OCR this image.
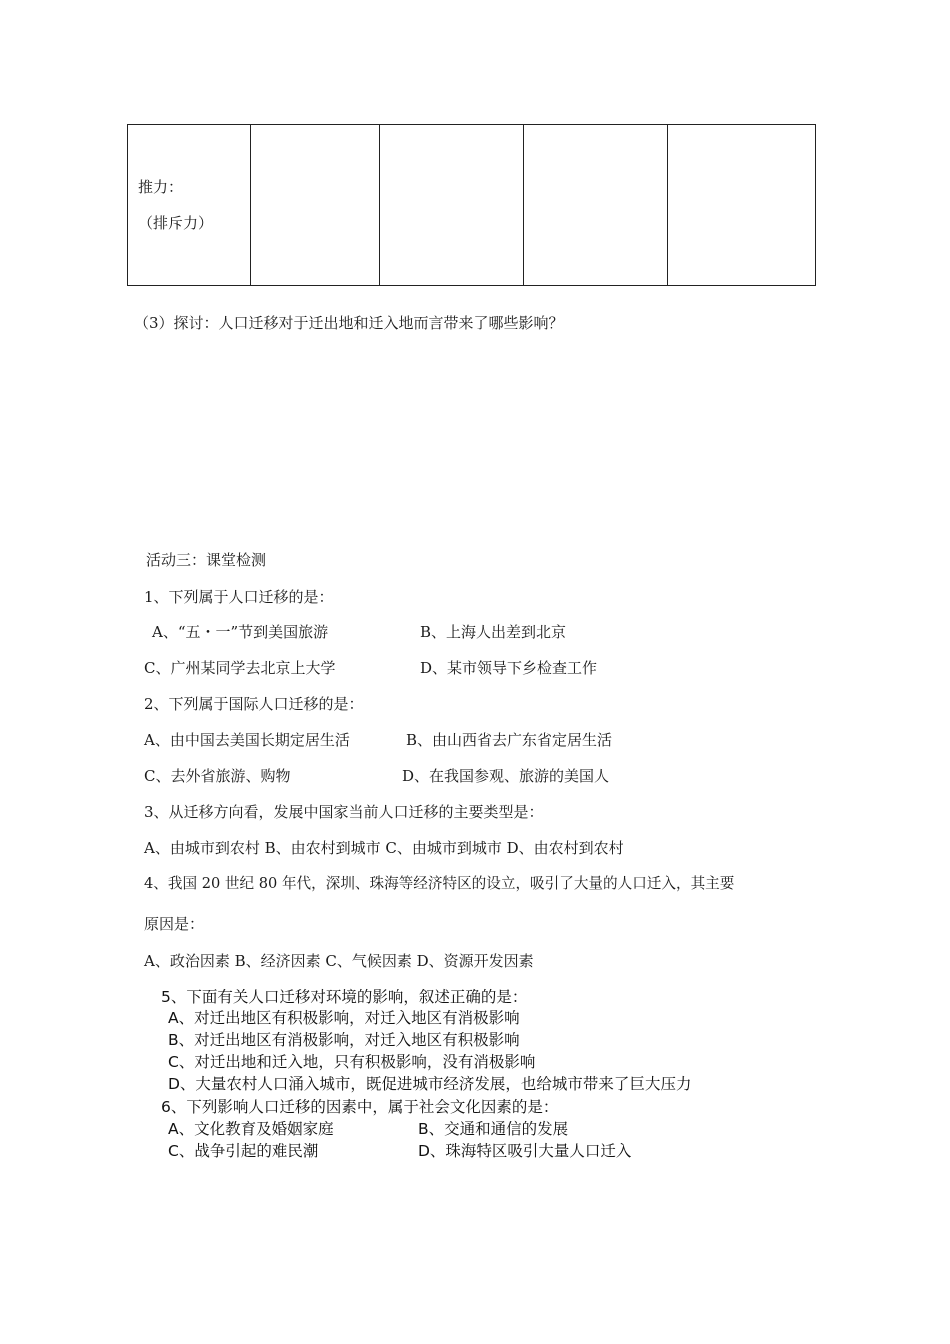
推力：
（排斥力）

（3）探讨：人口迁移对于迁出地和迁入地而言带来了哪些影响？
活动三：课堂检测
1、下列属于人口迁移的是：
A、“五・一”节到美国旅游	B、上海人出差到北京
C、广州某同学去北京上大学	D、某市领导下乡检查工作
2、下列属于国际人口迁移的是：
A、由中国去美国长期定居生活	B、由山西省去广东省定居生活
C、去外省旅游、购物	D、在我国参观、旅游的美国人
3、从迁移方向看，发展中国家当前人口迁移的主要类型是：
A、由城市到农村 B、由农村到城市 C、由城市到城市 D、由农村到农村
4、我国 20 世纪 80 年代，深圳、珠海等经济特区的设立，吸引了大量的人口迁入，其主要
原因是：
A、政治因素 B、经济因素 C、气候因素 D、资源开发因素
5、下面有关人口迁移对环境的影响，叙述正确的是：
A、对迁出地区有积极影响，对迁入地区有消极影响
B、对迁出地区有消极影响，对迁入地区有积极影响
C、对迁出地和迁入地，只有积极影响，没有消极影响
D、大量农村人口涌入城市，既促进城市经济发展，也给城市带来了巨大压力
6、下列影响人口迁移的因素中，属于社会文化因素的是：
A、文化教育及婚姻家庭	B、交通和通信的发展
C、战争引起的难民潮	D、珠海特区吸引大量人口迁入
